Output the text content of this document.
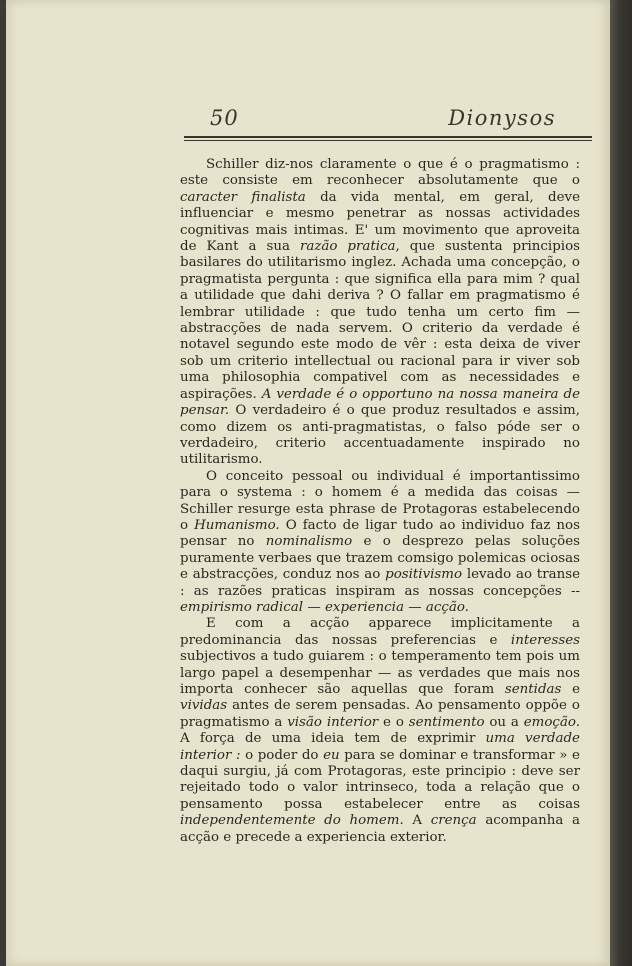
50	Dionysos

Schiller diz-nos claramente o que é o pragmatismo : este consiste em reconhecer absolutamente que o caracter finalista da vida mental, em geral, deve influenciar e mesmo penetrar as nossas actividades cognitivas mais intimas. E' um movimento que aproveita de Kant a sua razão pratica, que sustenta principios basilares do utilitarismo inglez. Achada uma concepção, o pragmatista pergunta : que significa ella para mim ? qual a utilidade que dahi deriva ? O fallar em pragmatismo é lembrar utilidade : que tudo tenha um certo fim — abstracções de nada servem. O criterio da verdade é notavel segundo este modo de vêr : esta deixa de viver sob um criterio intellectual ou racional para ir viver sob uma philosophia compativel com as necessidades e aspirações. A verdade é o opportuno na nossa maneira de pensar. O verdadeiro é o que produz resultados e assim, como dizem os anti-pragmatistas, o falso póde ser o verdadeiro, criterio accentuadamente inspirado no utilitarismo.

O conceito pessoal ou individual é importantissimo para o systema : o homem é a medida das coisas — Schiller resurge esta phrase de Protagoras estabelecendo o Humanismo. O facto de ligar tudo ao individuo faz nos pensar no nominalismo e o desprezo pelas soluções puramente verbaes que trazem comsigo polemicas ociosas e abstracções, conduz nos ao positivismo levado ao transe : as razões praticas inspiram as nossas concepções -- empirismo radical — experiencia — acção.

E com a acção apparece implicitamente a predominancia das nossas preferencias e interesses subjectivos a tudo guiarem : o temperamento tem pois um largo papel a desempenhar — as verdades que mais nos importa conhecer são aquellas que foram sentidas e vividas antes de serem pensadas. Ao pensamento oppõe o pragmatismo a visão interior e o sentimento ou a emoção. A força de uma ideia tem de exprimir uma verdade interior : o poder do eu para se dominar e transformar » e daqui surgiu, já com Protagoras, este principio : deve ser rejeitado todo o valor intrinseco, toda a relação que o pensamento possa estabelecer entre as coisas independentemente do homem. A crença acompanha a acção e precede a experiencia exterior.
